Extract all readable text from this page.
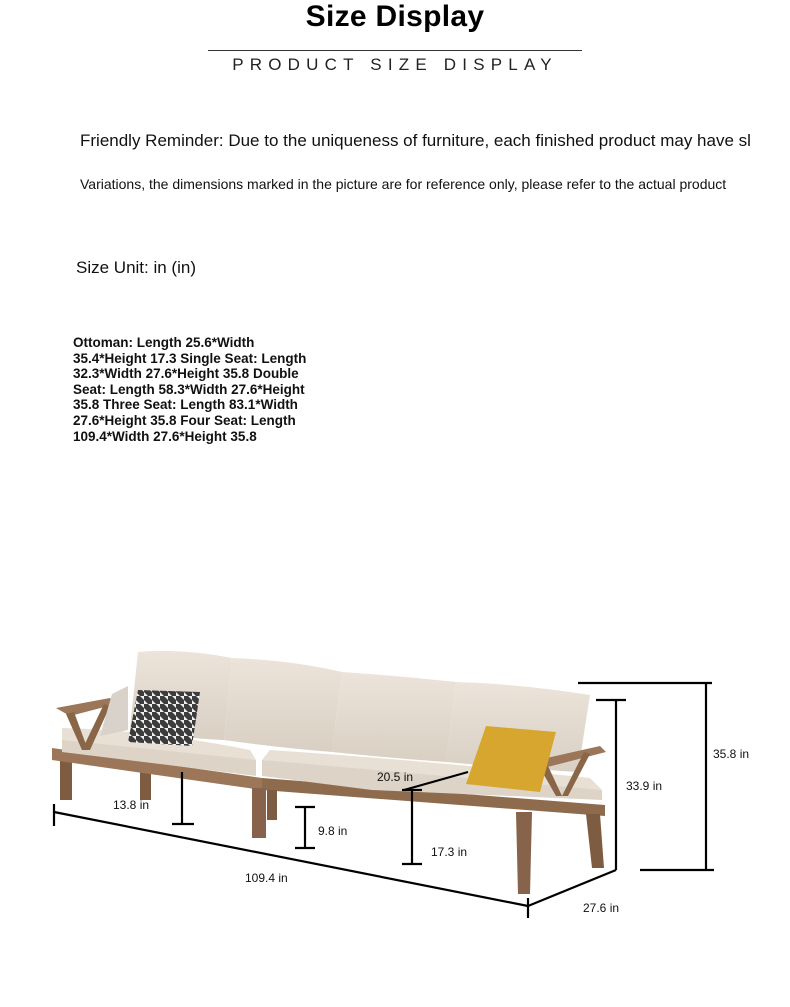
Size Display
PRODUCT SIZE DISPLAY
Friendly Reminder: Due to the uniqueness of furniture, each finished product may have sl
Variations, the dimensions marked in the picture are for reference only, please refer to the actual product
Size Unit: in (in)
Ottoman: Length 25.6*Width 35.4*Height 17.3 Single Seat: Length 32.3*Width 27.6*Height 35.8 Double Seat: Length 58.3*Width 27.6*Height 35.8 Three Seat: Length 83.1*Width 27.6*Height 35.8 Four Seat: Length 109.4*Width 27.6*Height 35.8
35.8 in
33.9 in
20.5 in
13.8 in
9.8 in
17.3 in
109.4 in
27.6 in
